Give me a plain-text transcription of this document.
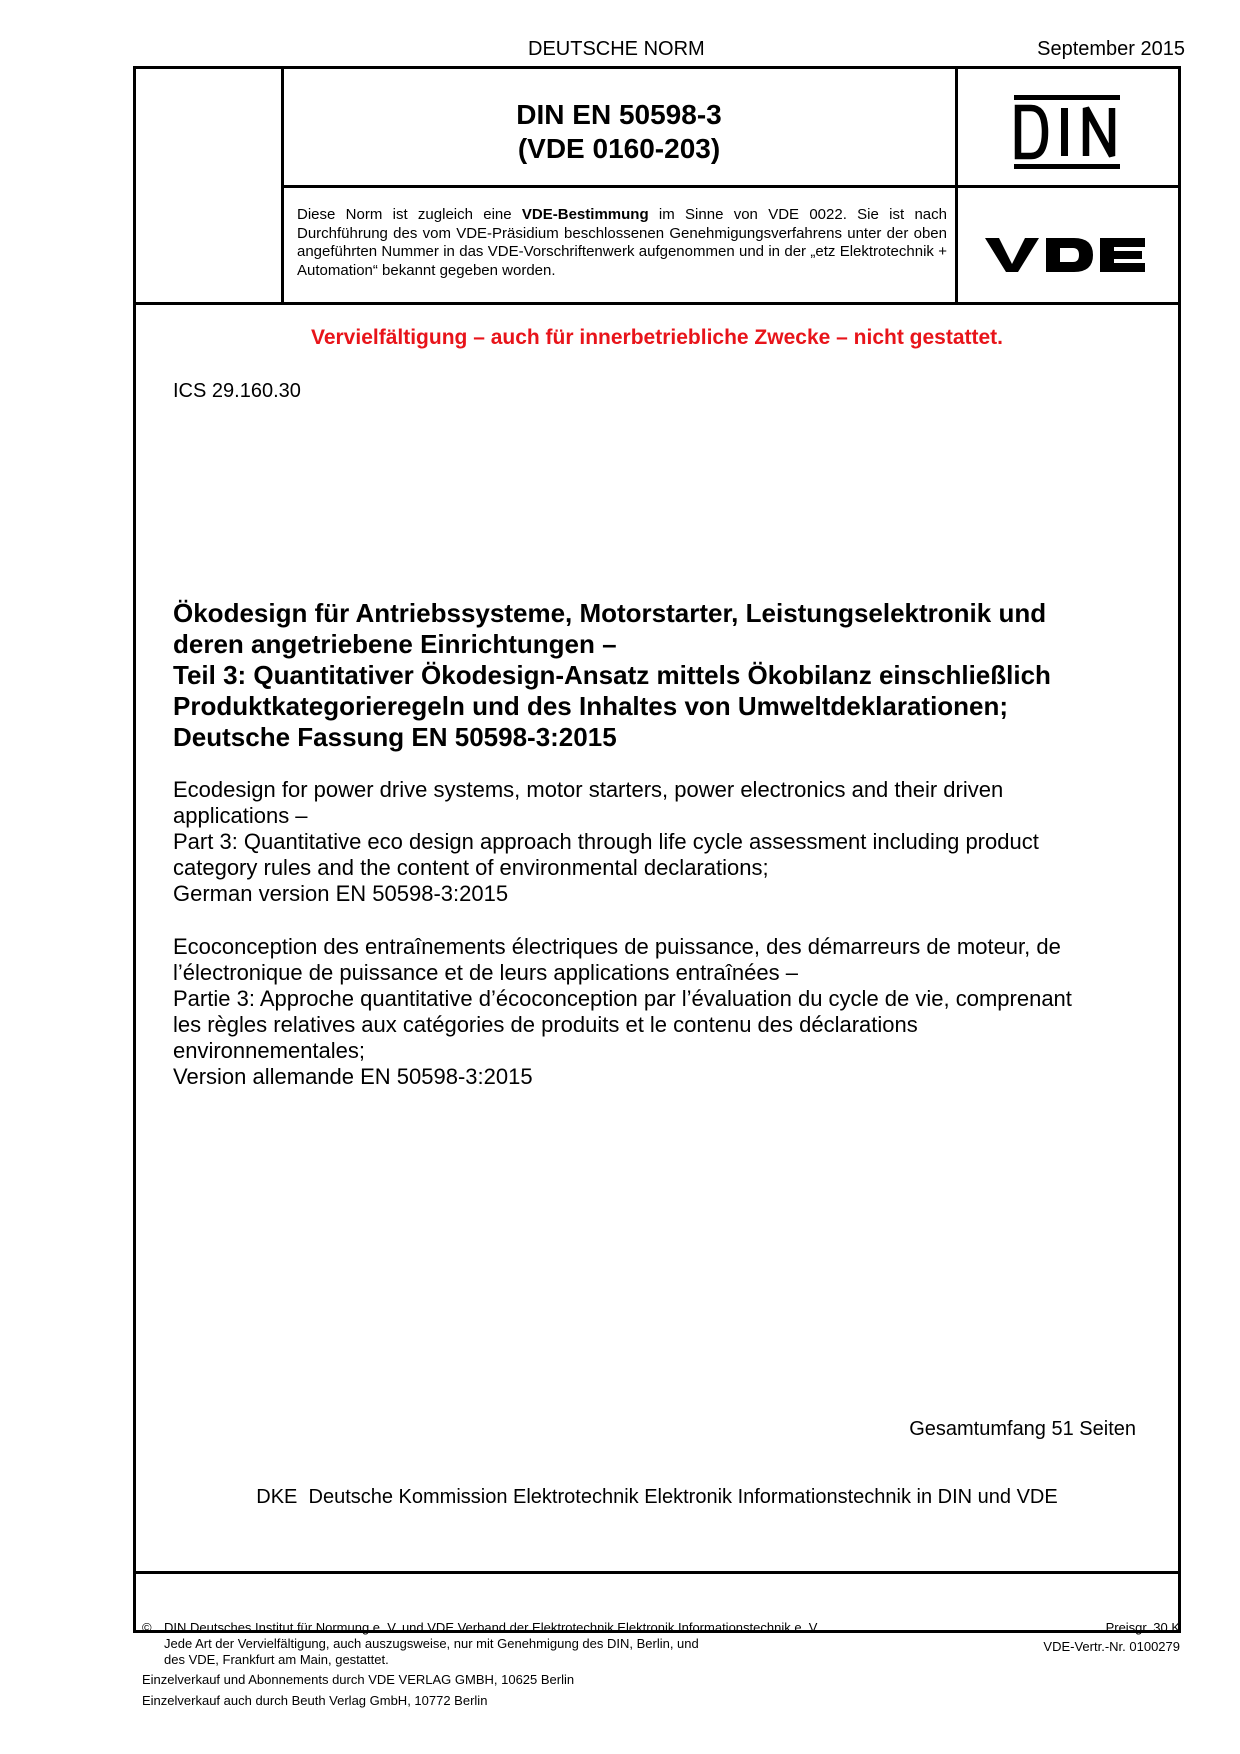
DEUTSCHE NORM	September 2015
DIN EN 50598-3
(VDE 0160-203)
Diese Norm ist zugleich eine VDE-Bestimmung im Sinne von VDE 0022. Sie ist nach Durchführung des vom VDE-Präsidium beschlossenen Genehmigungsverfahrens unter der oben angeführten Nummer in das VDE-Vorschriftenwerk aufgenommen und in der „etz Elektrotechnik + Automation“ bekannt gegeben worden.
Vervielfältigung – auch für innerbetriebliche Zwecke – nicht gestattet.
ICS 29.160.30
Ökodesign für Antriebssysteme, Motorstarter, Leistungselektronik und
deren angetriebene Einrichtungen –
Teil 3: Quantitativer Ökodesign-Ansatz mittels Ökobilanz einschließlich
Produktkategorieregeln und des Inhaltes von Umweltdeklarationen;
Deutsche Fassung EN 50598-3:2015
Ecodesign for power drive systems, motor starters, power electronics and their driven
applications –
Part 3: Quantitative eco design approach through life cycle assessment including product
category rules and the content of environmental declarations;
German version EN 50598-3:2015
Ecoconception des entraînements électriques de puissance, des démarreurs de moteur, de
l’électronique de puissance et de leurs applications entraînées –
Partie 3: Approche quantitative d’écoconception par l’évaluation du cycle de vie, comprenant
les règles relatives aux catégories de produits et le contenu des déclarations
environnementales;
Version allemande EN 50598-3:2015
Gesamtumfang 51 Seiten
DKE  Deutsche Kommission Elektrotechnik Elektronik Informationstechnik in DIN und VDE
© DIN Deutsches Institut für Normung e. V. und VDE Verband der Elektrotechnik Elektronik Informationstechnik e. V.
Jede Art der Vervielfältigung, auch auszugsweise, nur mit Genehmigung des DIN, Berlin, und
des VDE, Frankfurt am Main, gestattet.
Preisgr. 30 K
VDE-Vertr.-Nr. 0100279
Einzelverkauf und Abonnements durch VDE VERLAG GMBH, 10625 Berlin
Einzelverkauf auch durch Beuth Verlag GmbH, 10772 Berlin
